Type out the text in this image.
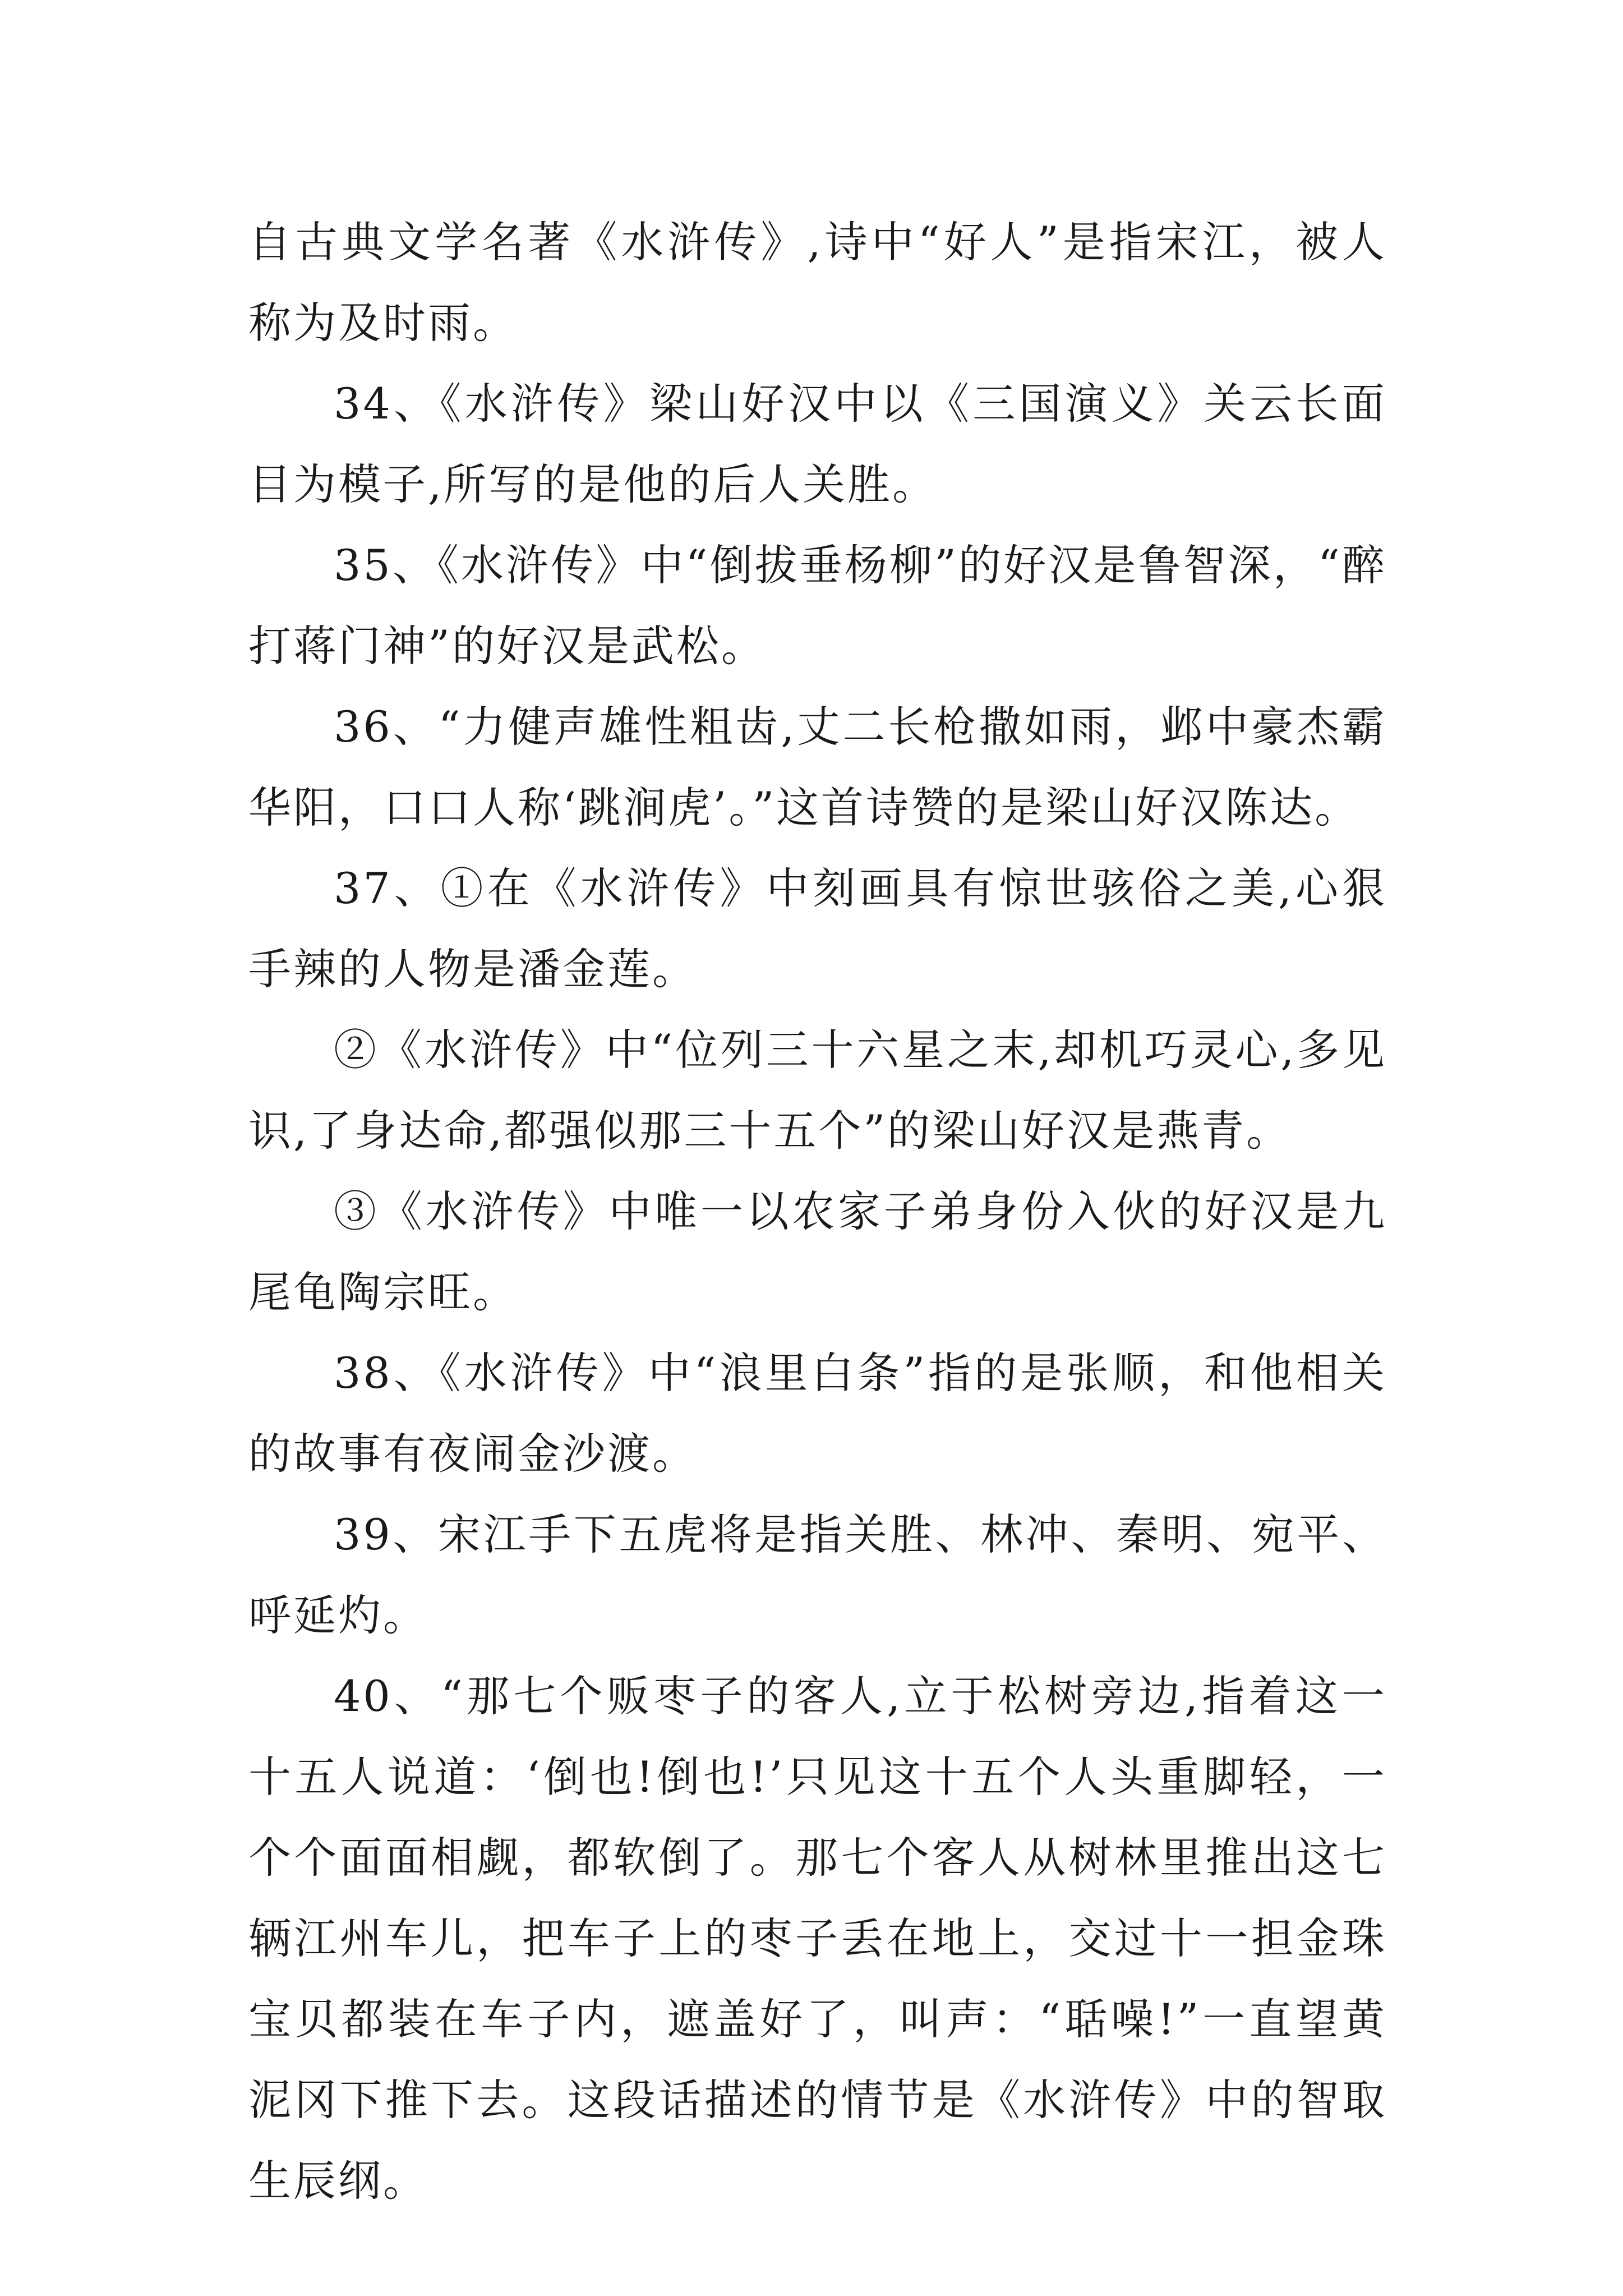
自古典文学名著《水浒传》,诗中“好人”是指宋江，被人称为及时雨。

34、《水浒传》梁山好汉中以《三国演义》关云长面目为模子,所写的是他的后人关胜。

35、《水浒传》中“倒拔垂杨柳”的好汉是鲁智深，“醉打蒋门神”的好汉是武松。

36、“力健声雄性粗齿,丈二长枪撒如雨，邺中豪杰霸华阳，口口人称‘跳涧虎’。”这首诗赞的是梁山好汉陈达。

37、①在《水浒传》中刻画具有惊世骇俗之美,心狠手辣的人物是潘金莲。

②《水浒传》中“位列三十六星之末,却机巧灵心,多见识,了身达命,都强似那三十五个”的梁山好汉是燕青。

③《水浒传》中唯一以农家子弟身份入伙的好汉是九尾龟陶宗旺。

38、《水浒传》中“浪里白条”指的是张顺，和他相关的故事有夜闹金沙渡。

39、宋江手下五虎将是指关胜、林冲、秦明、宛平、呼延灼。

40、“那七个贩枣子的客人,立于松树旁边,指着这一十五人说道：‘倒也!倒也!’只见这十五个人头重脚轻，一个个面面相觑，都软倒了。那七个客人从树林里推出这七辆江州车儿，把车子上的枣子丢在地上，交过十一担金珠宝贝都装在车子内，遮盖好了，叫声：“聒噪!”一直望黄泥冈下推下去。这段话描述的情节是《水浒传》中的智取生辰纲。
